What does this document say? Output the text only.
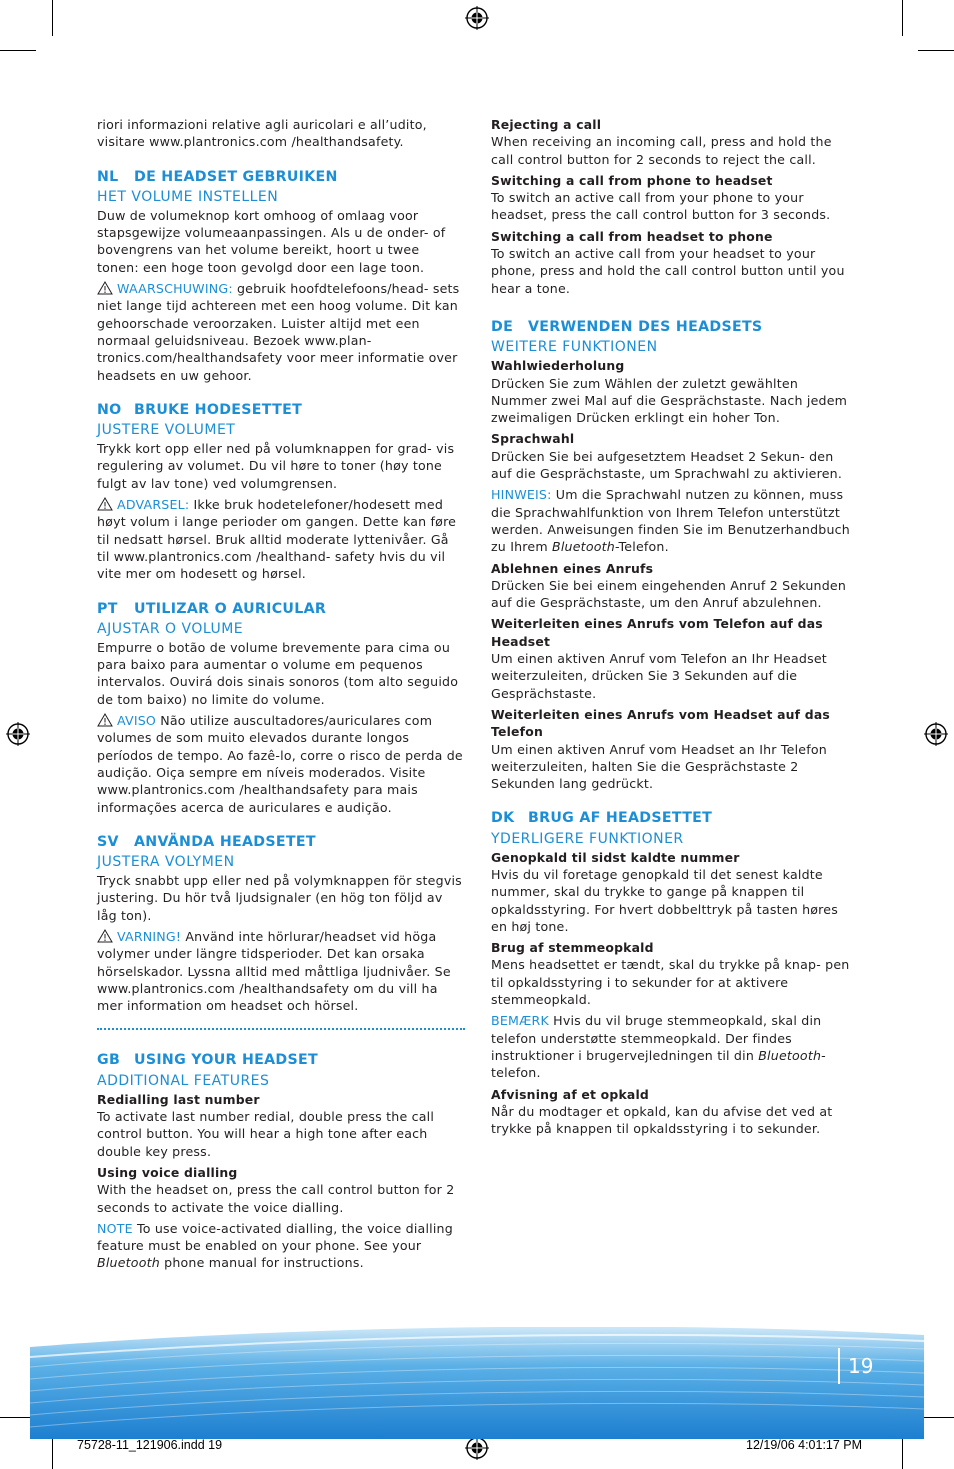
riori informazioni relative agli auricolari e all’udito, visitare www.plantronics.com /healthandsafety.

NL DE HEADSET GEBRUIKEN
HET VOLUME INSTELLEN

Duw de volumeknop kort omhoog of omlaag voor stapsgewijze volumeaanpassingen. Als u de onder- of bovengrens van het volume bereikt, hoort u twee tonen: een hoge toon gevolgd door een lage toon.

WAARSCHUWING: gebruik hoofdtelefoons/head- sets niet lange tijd achtereen met een hoog volume. Dit kan gehoorschade veroorzaken. Luister altijd met een normaal geluidsniveau. Bezoek www.plan- tronics.com/healthandsafety voor meer informatie over headsets en uw gehoor.

NO BRUKE HODESETTET
JUSTERE VOLUMET

Trykk kort opp eller ned på volumknappen for grad- vis regulering av volumet. Du vil høre to toner (høy tone fulgt av lav tone) ved volumgrensen.

ADVARSEL: Ikke bruk hodetelefoner/hodesett med høyt volum i lange perioder om gangen. Dette kan føre til nedsatt hørsel. Bruk alltid moderate lyttenivåer. Gå til www.plantronics.com /healthand- safety hvis du vil vite mer om hodesett og hørsel.

PT UTILIZAR O AURICULAR
AJUSTAR O VOLUME

Empurre o botão de volume brevemente para cima ou para baixo para aumentar o volume em pequenos intervalos. Ouvirá dois sinais sonoros (tom alto seguido de tom baixo) no limite do volume.

AVISO Não utilize auscultadores/auriculares com volumes de som muito elevados durante longos períodos de tempo. Ao fazê-lo, corre o risco de perda de audição. Oiça sempre em níveis moderados. Visite www.plantronics.com /healthandsafety para mais informações acerca de auriculares e audição.

SV ANVÄNDA HEADSETET
JUSTERA VOLYMEN

Tryck snabbt upp eller ned på volymknappen för stegvis justering. Du hör två ljudsignaler (en hög ton följd av låg ton).

VARNING! Använd inte hörlurar/headset vid höga volymer under längre tidsperioder. Det kan orsaka hörselskador. Lyssna alltid med måttliga ljudnivåer. Se www.plantronics.com /healthandsafety om du vill ha mer information om headset och hörsel.

GB USING YOUR HEADSET
ADDITIONAL FEATURES
Redialling last number

To activate last number redial, double press the call control button. You will hear a high tone after each double key press.

Using voice dialling

With the headset on, press the call control button for 2 seconds to activate the voice dialling.

NOTE To use voice-activated dialling, the voice dialling feature must be enabled on your phone. See your Bluetooth phone manual for instructions.

Rejecting a call

When receiving an incoming call, press and hold the call control button for 2 seconds to reject the call.

Switching a call from phone to headset

To switch an active call from your phone to your headset, press the call control button for 3 seconds.

Switching a call from headset to phone

To switch an active call from your headset to your phone, press and hold the call control button until you hear a tone.

DE VERWENDEN DES HEADSETS
WEITERE FUNKTIONEN
Wahlwiederholung

Drücken Sie zum Wählen der zuletzt gewählten Nummer zwei Mal auf die Gesprächstaste. Nach jedem zweimaligen Drücken erklingt ein hoher Ton.

Sprachwahl

Drücken Sie bei aufgesetztem Headset 2 Sekun- den auf die Gesprächstaste, um Sprachwahl zu aktivieren.

HINWEIS: Um die Sprachwahl nutzen zu können, muss die Sprachwahlfunktion von Ihrem Telefon unterstützt werden. Anweisungen finden Sie im Benutzerhandbuch zu Ihrem Bluetooth-Telefon.

Ablehnen eines Anrufs

Drücken Sie bei einem eingehenden Anruf 2 Sekunden auf die Gesprächstaste, um den Anruf abzulehnen.

Weiterleiten eines Anrufs vom Telefon auf das Headset

Um einen aktiven Anruf vom Telefon an Ihr Headset weiterzuleiten, drücken Sie 3 Sekunden auf die Gesprächstaste.

Weiterleiten eines Anrufs vom Headset auf das Telefon

Um einen aktiven Anruf vom Headset an Ihr Telefon weiterzuleiten, halten Sie die Gesprächstaste 2 Sekunden lang gedrückt.

DK BRUG AF HEADSETTET
YDERLIGERE FUNKTIONER
Genopkald til sidst kaldte nummer

Hvis du vil foretage genopkald til det senest kaldte nummer, skal du trykke to gange på knappen til opkaldsstyring. For hvert dobbelttryk på tasten høres en høj tone.

Brug af stemmeopkald

Mens headsettet er tændt, skal du trykke på knap- pen til opkaldsstyring i to sekunder for at aktivere stemmeopkald.

BEMÆRK Hvis du vil bruge stemmeopkald, skal din telefon understøtte stemmeopkald. Der findes instruktioner i brugervejledningen til din Bluetooth- telefon.

Afvisning af et opkald

Når du modtager et opkald, kan du afvise det ved at trykke på knappen til opkaldsstyring i to sekunder.

19
75728-11_121906.indd 19	12/19/06 4:01:17 PM
